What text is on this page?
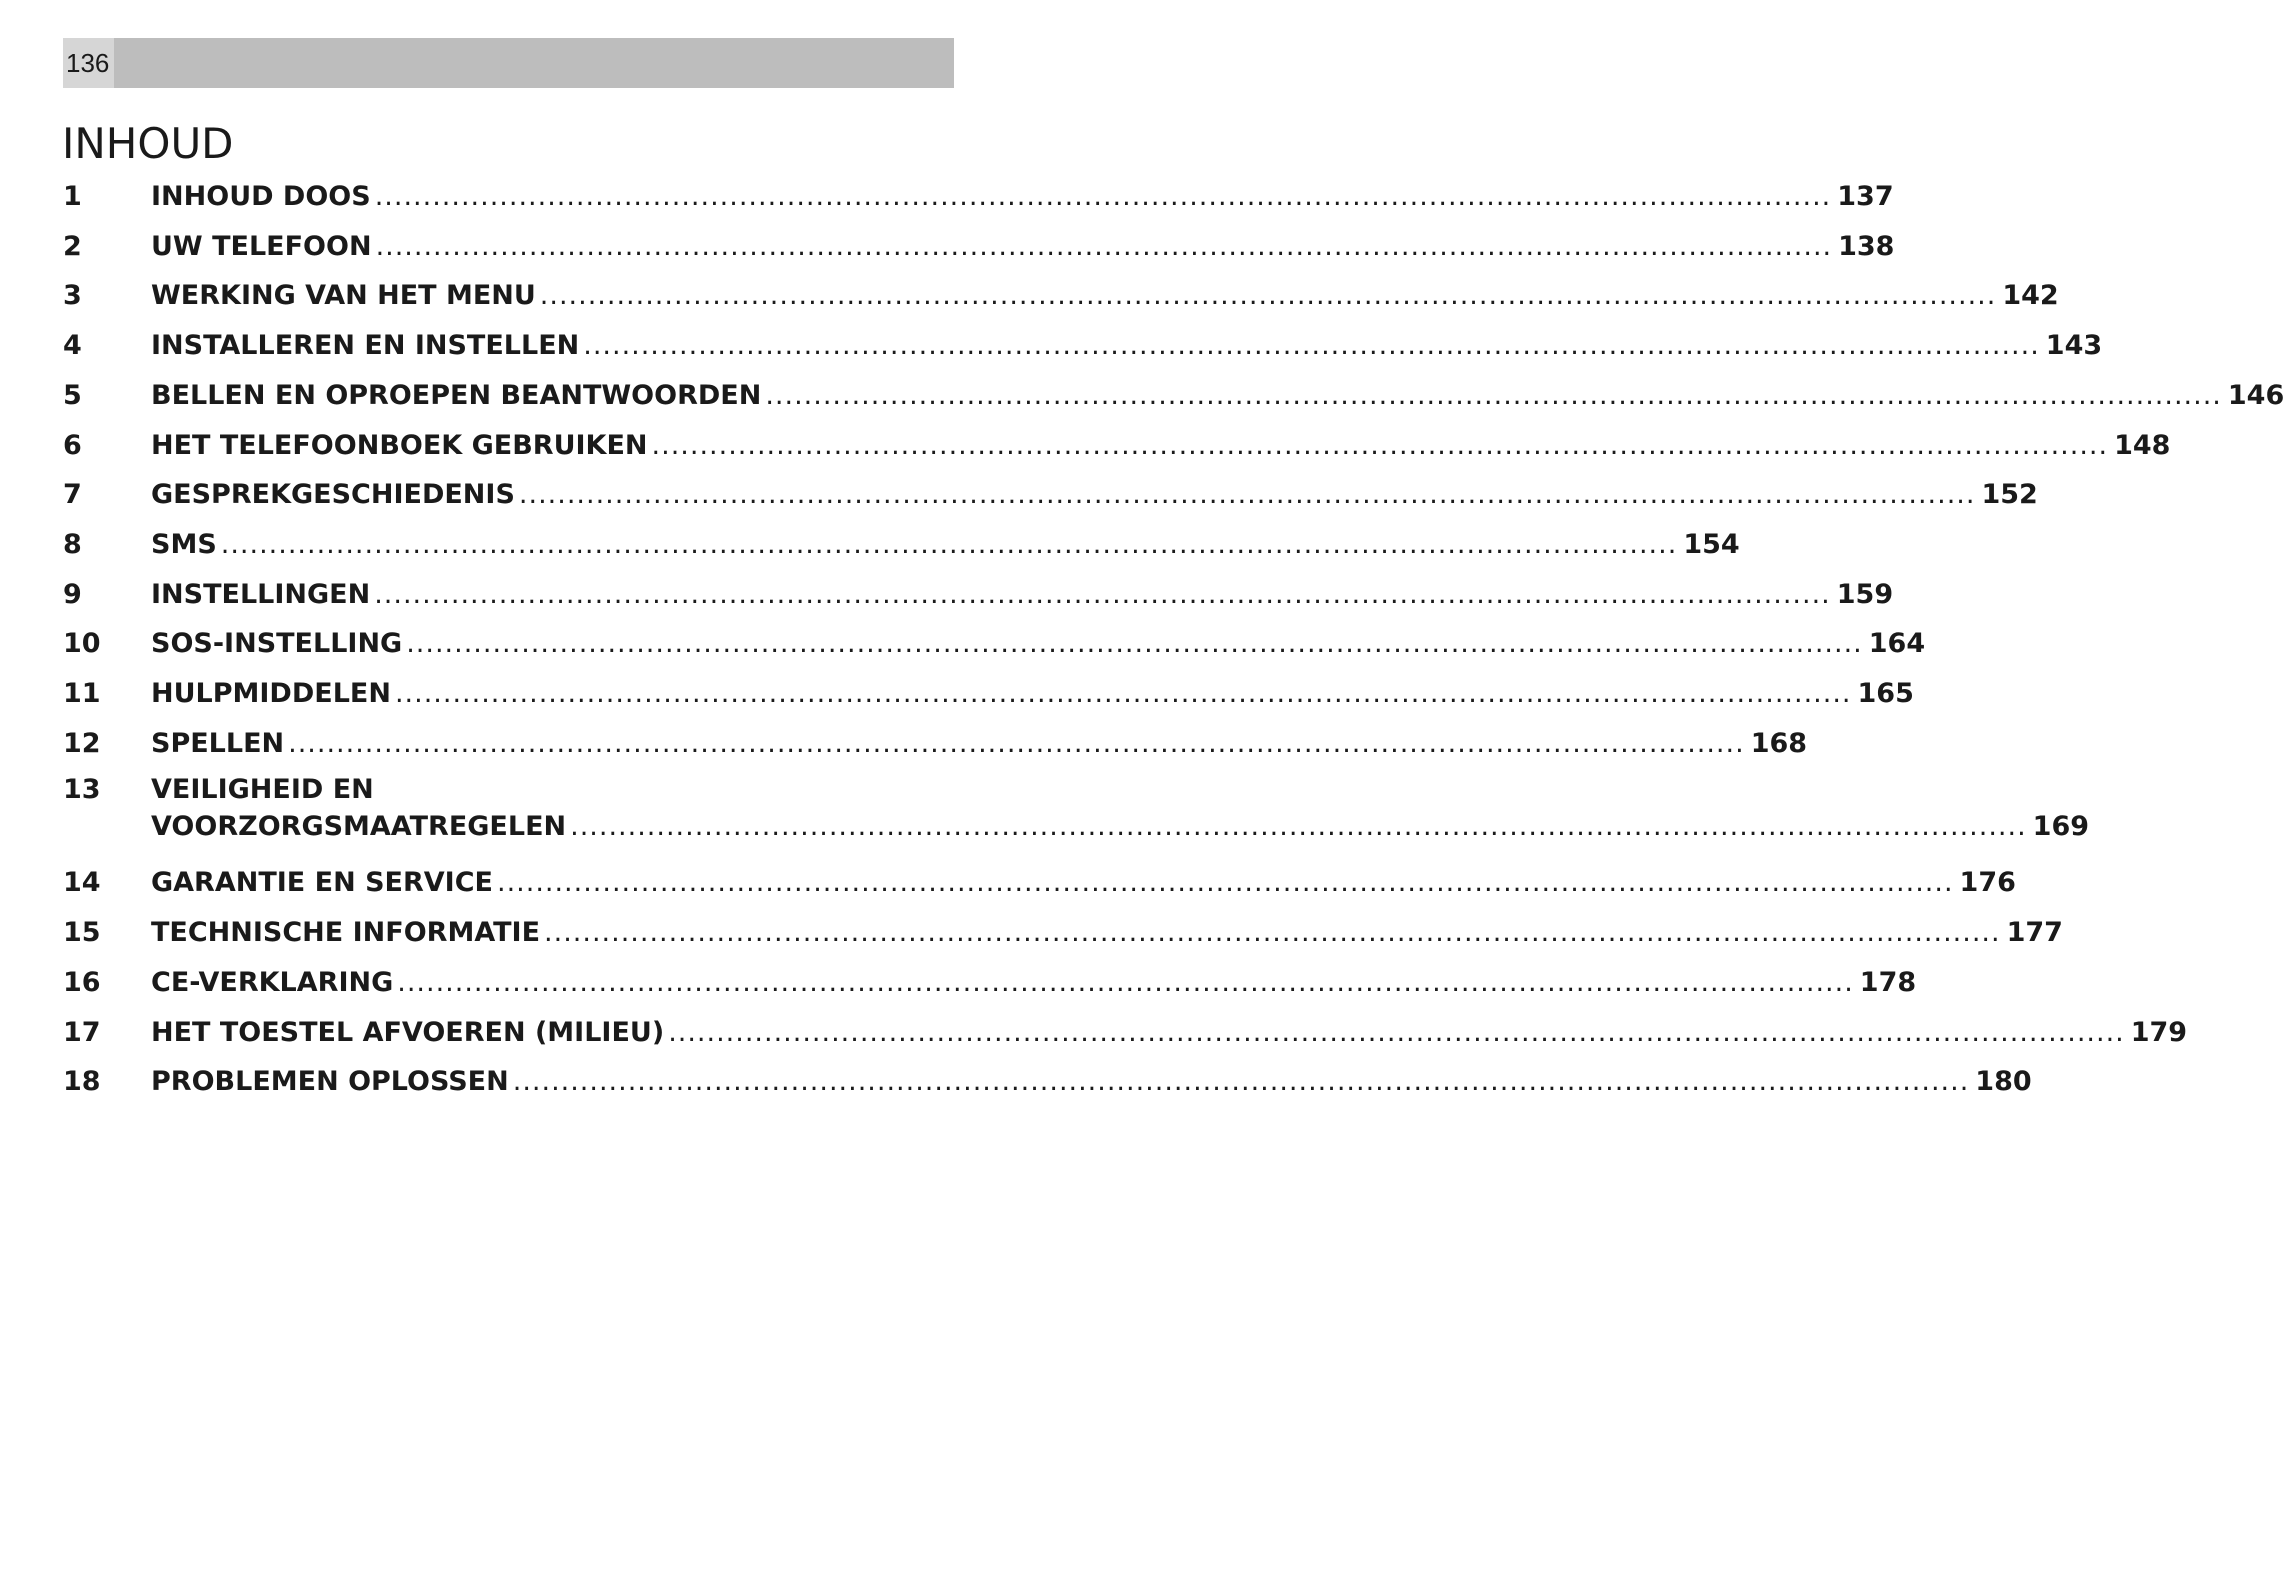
136
INHOUD
1	INHOUD DOOS .....	137
2	UW TELEFOON .....	138
3	WERKING VAN HET MENU .....	142
4	INSTALLEREN EN INSTELLEN .....	143
5	BELLEN EN OPROEPEN BEANTWOORDEN .....	146
6	HET TELEFOONBOEK GEBRUIKEN .....	148
7	GESPREKGESCHIEDENIS .....	152
8	SMS .....	154
9	INSTELLINGEN .....	159
10	SOS-INSTELLING .....	164
11	HULPMIDDELEN .....	165
12	SPELLEN .....	168
13	VEILIGHEID EN
VOORZORGSMAATREGELEN .....	169
14	GARANTIE EN SERVICE .....	176
15	TECHNISCHE INFORMATIE .....	177
16	CE-VERKLARING .....	178
17	HET TOESTEL AFVOEREN (MILIEU) .....	179
18	PROBLEMEN OPLOSSEN .....	180
